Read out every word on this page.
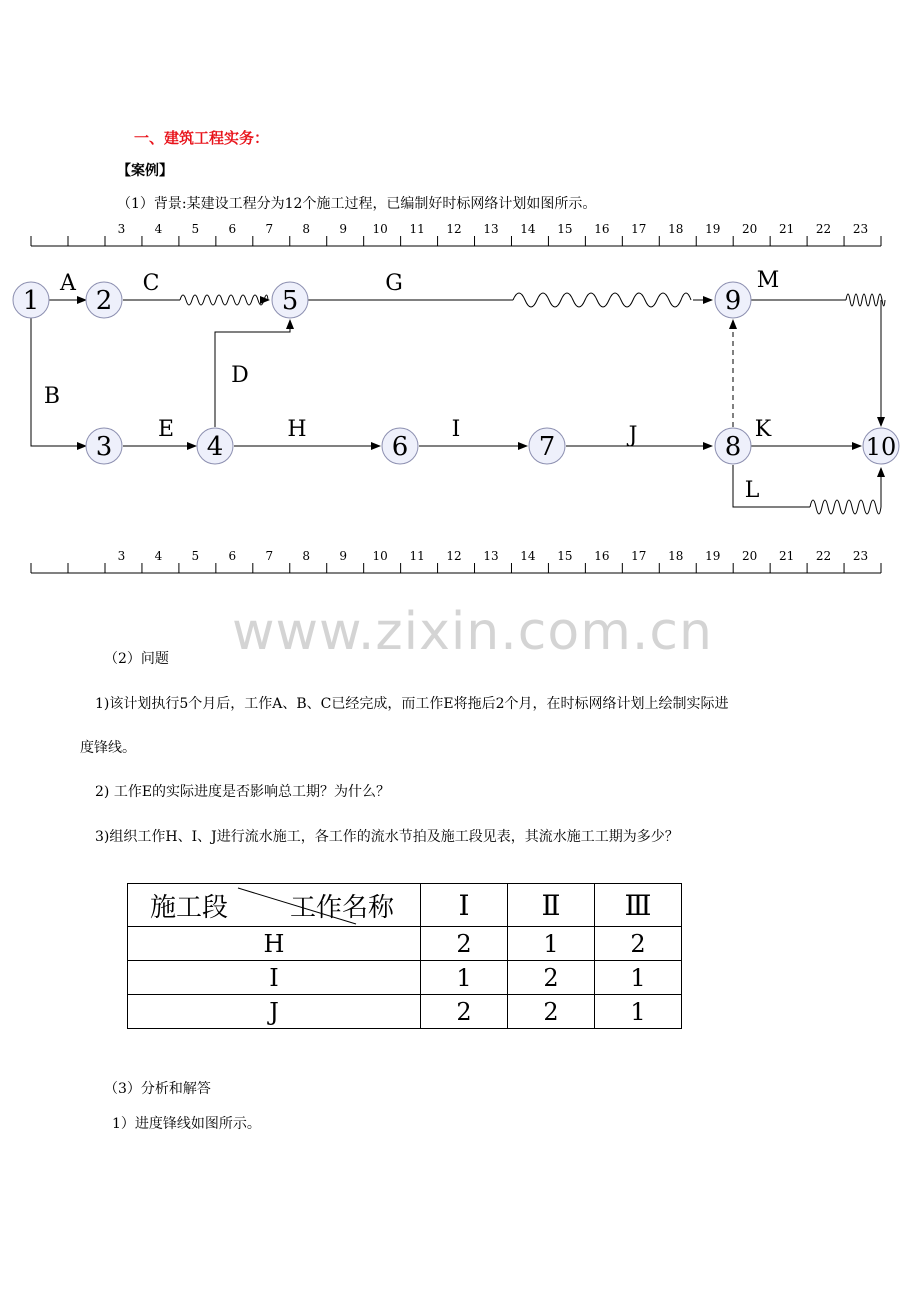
一、建筑工程实务：
【案例】
（1）背景:某建设工程分为12个施工过程，已编制好时标网络计划如图所示。
3 4 5 6 7 8 9 10 11 12 13 14 15 16 17 18 19 20 21 22 23
3 4 5 6 7 8 9 10 11 12 13 14 15 16 17 18 19 20 21 22 23
1 2
3	4
5
6	7	8
9
10
A
B
C
D
E
G
H	I	J	K
L
M
www.zixin.com.cn
（2）问题
1)该计划执行5个月后，工作A、B、C已经完成，而工作E将拖后2个月，在时标网络计划上绘制实际进
度锋线。
2) 工作E的实际进度是否影响总工期？为什么？
3)组织工作H、I、J进行流水施工，各工作的流水节拍及施工段见表，其流水施工工期为多少？
施工段 工作名称	Ⅰ	Ⅱ	Ⅲ
H	2	1	2
I	1	2	1
J	2	2	1
（3）分析和解答
1）进度锋线如图所示。
